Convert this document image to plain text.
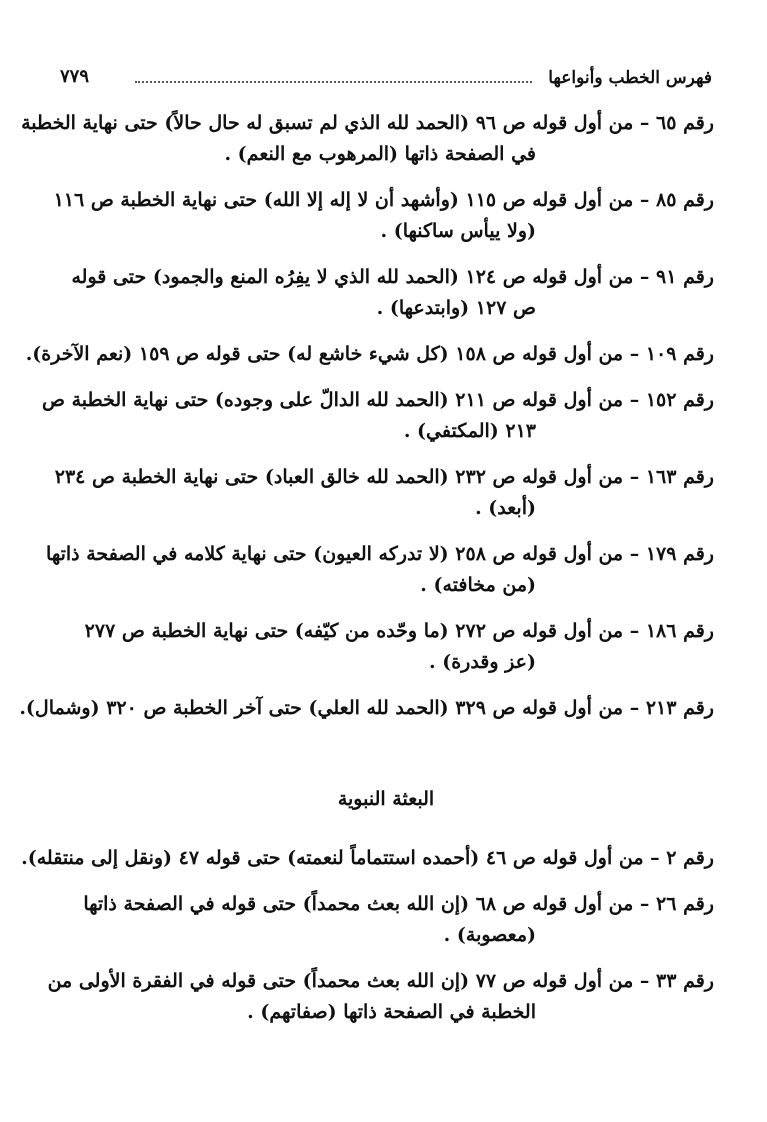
فهرس الخطب وأنواعها
٧٧٩
رقم ٦٥ – من أول قوله ص ٩٦ (الحمد لله الذي لم تسبق له حال حالاً) حتى نهاية الخطبة
في الصفحة ذاتها (المرهوب مع النعم) .
رقم ٨٥ – من أول قوله ص ١١٥ (وأشهد أن لا إله إلا الله) حتى نهاية الخطبة ص ١١٦
(ولا ييأس ساكنها) .
رقم ٩١ – من أول قوله ص ١٢٤ (الحمد لله الذي لا يفِرُه المنع والجمود) حتى قوله
ص ١٢٧ (وابتدعها) .
رقم ١٠٩ – من أول قوله ص ١٥٨ (كل شيء خاشع له) حتى قوله ص ١٥٩ (نعم الآخرة).
رقم ١٥٢ – من أول قوله ص ٢١١ (الحمد لله الدالّ على وجوده) حتى نهاية الخطبة ص
٢١٣ (المكتفي) .
رقم ١٦٣ – من أول قوله ص ٢٣٢ (الحمد لله خالق العباد) حتى نهاية الخطبة ص ٢٣٤
(أبعد) .
رقم ١٧٩ – من أول قوله ص ٢٥٨ (لا تدركه العيون) حتى نهاية كلامه في الصفحة ذاتها
(من مخافته) .
رقم ١٨٦ – من أول قوله ص ٢٧٢ (ما وحّده من كيّفه) حتى نهاية الخطبة ص ٢٧٧
(عز وقدرة) .
رقم ٢١٣ – من أول قوله ص ٣٢٩ (الحمد لله العلي) حتى آخر الخطبة ص ٣٢٠ (وشمال).
البعثة النبوية
رقم ٢ – من أول قوله ص ٤٦ (أحمده استتماماً لنعمته) حتى قوله ٤٧ (ونقل إلى منتقله).
رقم ٢٦ – من أول قوله ص ٦٨ (إن الله بعث محمداً) حتى قوله في الصفحة ذاتها
(معصوبة) .
رقم ٣٣ – من أول قوله ص ٧٧ (إن الله بعث محمداً) حتى قوله في الفقرة الأولى من
الخطبة في الصفحة ذاتها (صفاتهم) .
